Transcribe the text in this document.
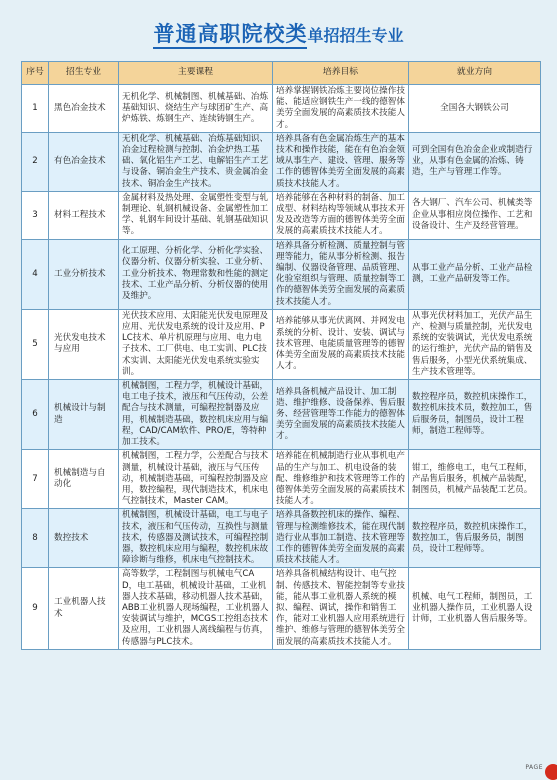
普通高职院校类单招招生专业
序号	招生专业	主要课程	培养目标	就业方向
1	黑色冶金技术	无机化学、机械制图、机械基础、冶炼基础知识、烧结生产与球团矿生产、高炉炼铁、炼钢生产、连续铸钢生产。	培养掌握钢铁冶炼主要岗位操作技能、能适应钢铁生产一线的德智体美劳全面发展的高素质技术技能人才。	全国各大钢铁公司
2	有色冶金技术	无机化学、机械基础、冶炼基础知识、冶金过程检测与控制、冶金炉热工基础、氧化铝生产工艺、电解铝生产工艺与设备、铜冶金生产技术、贵金属冶金技术、铜冶金生产技术。	培养具备有色金属冶炼生产的基本技术和操作技能，能在有色冶金领域从事生产、建设、管理、服务等工作的德智体美劳全面发展的高素质技术技能人才。	可到全国有色冶金企业或制造行业，从事有色金属的冶炼、铸造，生产与管理工作等。
3	材料工程技术	金属材料及热处理、金属塑性变型与轧制理论、轧钢机械设备、金属塑性加工学、轧钢车间设计基础、轧钢基础知识等。	培养能够在各种材料的制备、加工成型、材料结构等领域从事技术开发及改造等方面的德智体美劳全面发展的高素质技术技能人才。	各大钢厂、汽车公司、机械类等企业从事相应岗位操作、工艺和设备设计、生产及经营管理。
4	工业分析技术	化工原理、分析化学、分析化学实验、仪器分析、仪器分析实验、工业分析、工业分析技术、物理常数和性能的测定技术、工业产品分析、分析仪器的使用及维护。	培养具备分析检测、质量控制与管理等能力，能从事分析检测、报告编制、仪器设备管理、品质管理、化验室组织与管理、质量控制等工作的德智体美劳全面发展的高素质技术技能人才。	从事工业产品分析、工业产品检测，工业产品研发等工作。
5	光伏发电技术与应用	光伏技术应用、太阳能光伏发电原理及应用、光伏发电系统的设计及应用、PLC技术、单片机原理与应用、电力电子技术、工厂供电、电工实训、PLC技术实训、太阳能光伏发电系统实验实训。	培养能够从事光伏离网、并网发电系统的分析、设计、安装、调试与技术管理、电能质量管理等的德智体美劳全面发展的高素质技术技能人才。	从事光伏材料加工，光伏产品生产、检测与质量控制，光伏发电系统的安装调试，光伏发电系统的运行维护，光伏产品的销售及售后服务，小型光伏系统集成、生产技术管理等。
6	机械设计与制造	机械制图，工程力学，机械设计基础，电工电子技术，液压和气压传动，公差配合与技术测量，可编程控制器及应用，机械制造基础，数控机床应用与编程，CAD/CAM软件、PRO/E，等特种加工技术。	培养具备机械产品设计、加工制造、维护维修、设备保养、售后服务、经营管理等工作能力的德智体美劳全面发展的高素质技术技能人才。	数控程序员，数控机床操作工，数控机床技术员，数控加工，售后服务员，制图员，设计工程师，制造工程师等。
7	机械制造与自动化	机械制图，工程力学，公差配合与技术测量，机械设计基础，液压与气压传动，机械制造基础，可编程控制器及应用，数控编程，现代制造技术，机床电气控制技术，Master CAM。	培养能在机械制造行业从事机电产品的生产与加工、机电设备的装配、维修维护和技术管理等工作的德智体美劳全面发展的高素质技术技能人才。	钳工，维修电工，电气工程师，产品售后服务，机械产品装配，制图员，机械产品装配工艺员。
8	数控技术	机械制图，机械设计基础，电工与电子技术，液压和气压传动，互换性与测量技术，传感器及测试技术，可编程控制器，数控机床应用与编程，数控机床故障诊断与维修，机床电气控制技术。	培养具备数控机床的操作、编程、管理与检测维修技术，能在现代制造行业从事加工制造、技术管理等工作的德智体美劳全面发展的高素质技术技能人才。	数控程序员，数控机床操作工，数控加工，售后服务员，制图员，设计工程师等。
9	工业机器人技术	高等数学，工程制图与机械电气CAD，电工基础，机械设计基础，工业机器人技术基础，移动机器人技术基础，ABB工业机器人现场编程，工业机器人安装调试与维护，MCGS工控组态技术及应用，工业机器人离线编程与仿真，传感器与PLC技术。	培养具备机械结构设计、电气控制、传感技术、智能控制等专业技能，能从事工业机器人系统的模拟、编程、调试，操作和销售工作，能对工业机器人应用系统进行维护、维修与管理的德智体美劳全面发展的高素质技术技能人才。	机械、电气工程师，制图员，工业机器人操作员，工业机器人设计师，工业机器人售后服务等。
PAGE
